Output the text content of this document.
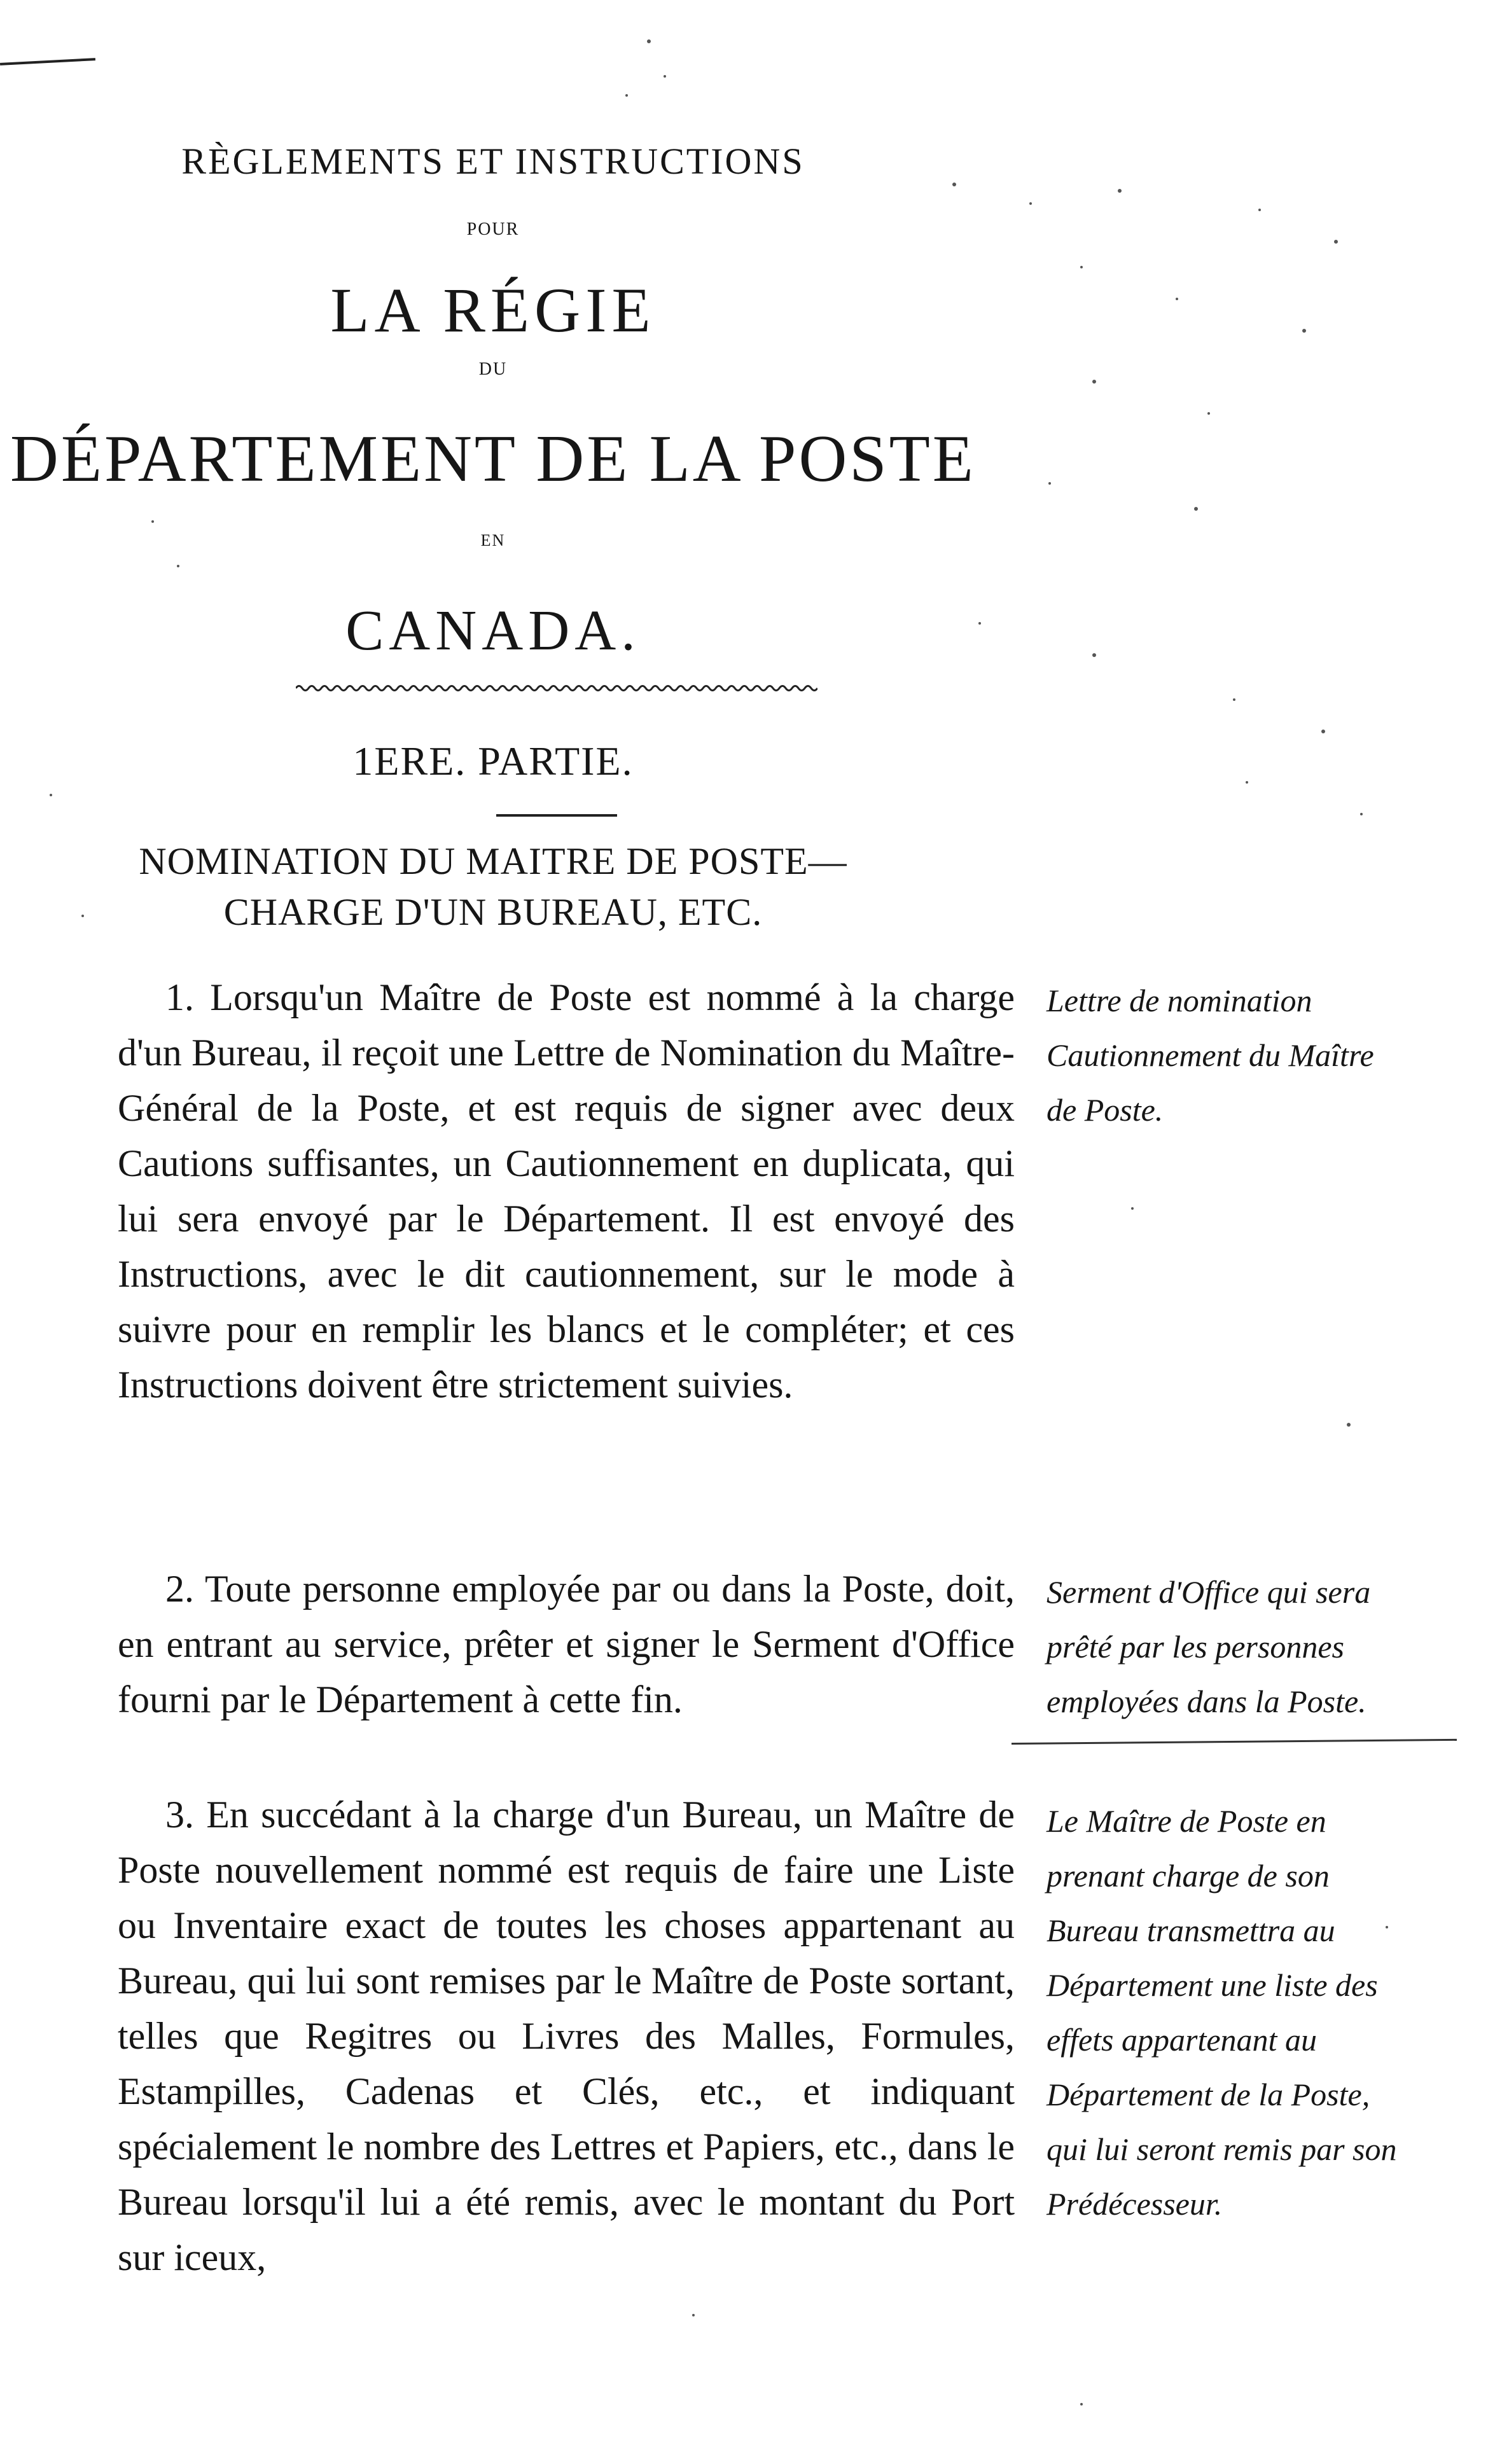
RÈGLEMENTS ET INSTRUCTIONS
POUR
LA RÉGIE
DU
DÉPARTEMENT DE LA POSTE
EN
CANADA.
1ERE. PARTIE.
NOMINATION DU MAITRE DE POSTE—
CHARGE D'UN BUREAU, ETC.
1. Lorsqu'un Maître de Poste est nommé à la charge d'un Bureau, il reçoit une Lettre de Nomination du Maître-Général de la Poste, et est requis de signer avec deux Cautions suffisantes, un Cautionnement en duplicata, qui lui sera envoyé par le Département. Il est envoyé des Instructions, avec le dit cautionnement, sur le mode à suivre pour en remplir les blancs et le compléter; et ces Instructions doivent être strictement suivies.
Lettre de nomination Cautionnement du Maître de Poste.
2. Toute personne employée par ou dans la Poste, doit, en entrant au service, prêter et signer le Serment d'Office fourni par le Département à cette fin.
Serment d'Office qui sera prêté par les personnes employées dans la Poste.
3. En succédant à la charge d'un Bureau, un Maître de Poste nouvellement nommé est requis de faire une Liste ou Inventaire exact de toutes les choses appartenant au Bureau, qui lui sont remises par le Maître de Poste sortant, telles que Regitres ou Livres des Malles, Formules, Estampilles, Cadenas et Clés, etc., et indiquant spécialement le nombre des Lettres et Papiers, etc., dans le Bureau lorsqu'il lui a été remis, avec le montant du Port sur iceux,
Le Maître de Poste en prenant charge de son Bureau transmettra au Département une liste des effets appartenant au Département de la Poste, qui lui seront remis par son Prédécesseur.
